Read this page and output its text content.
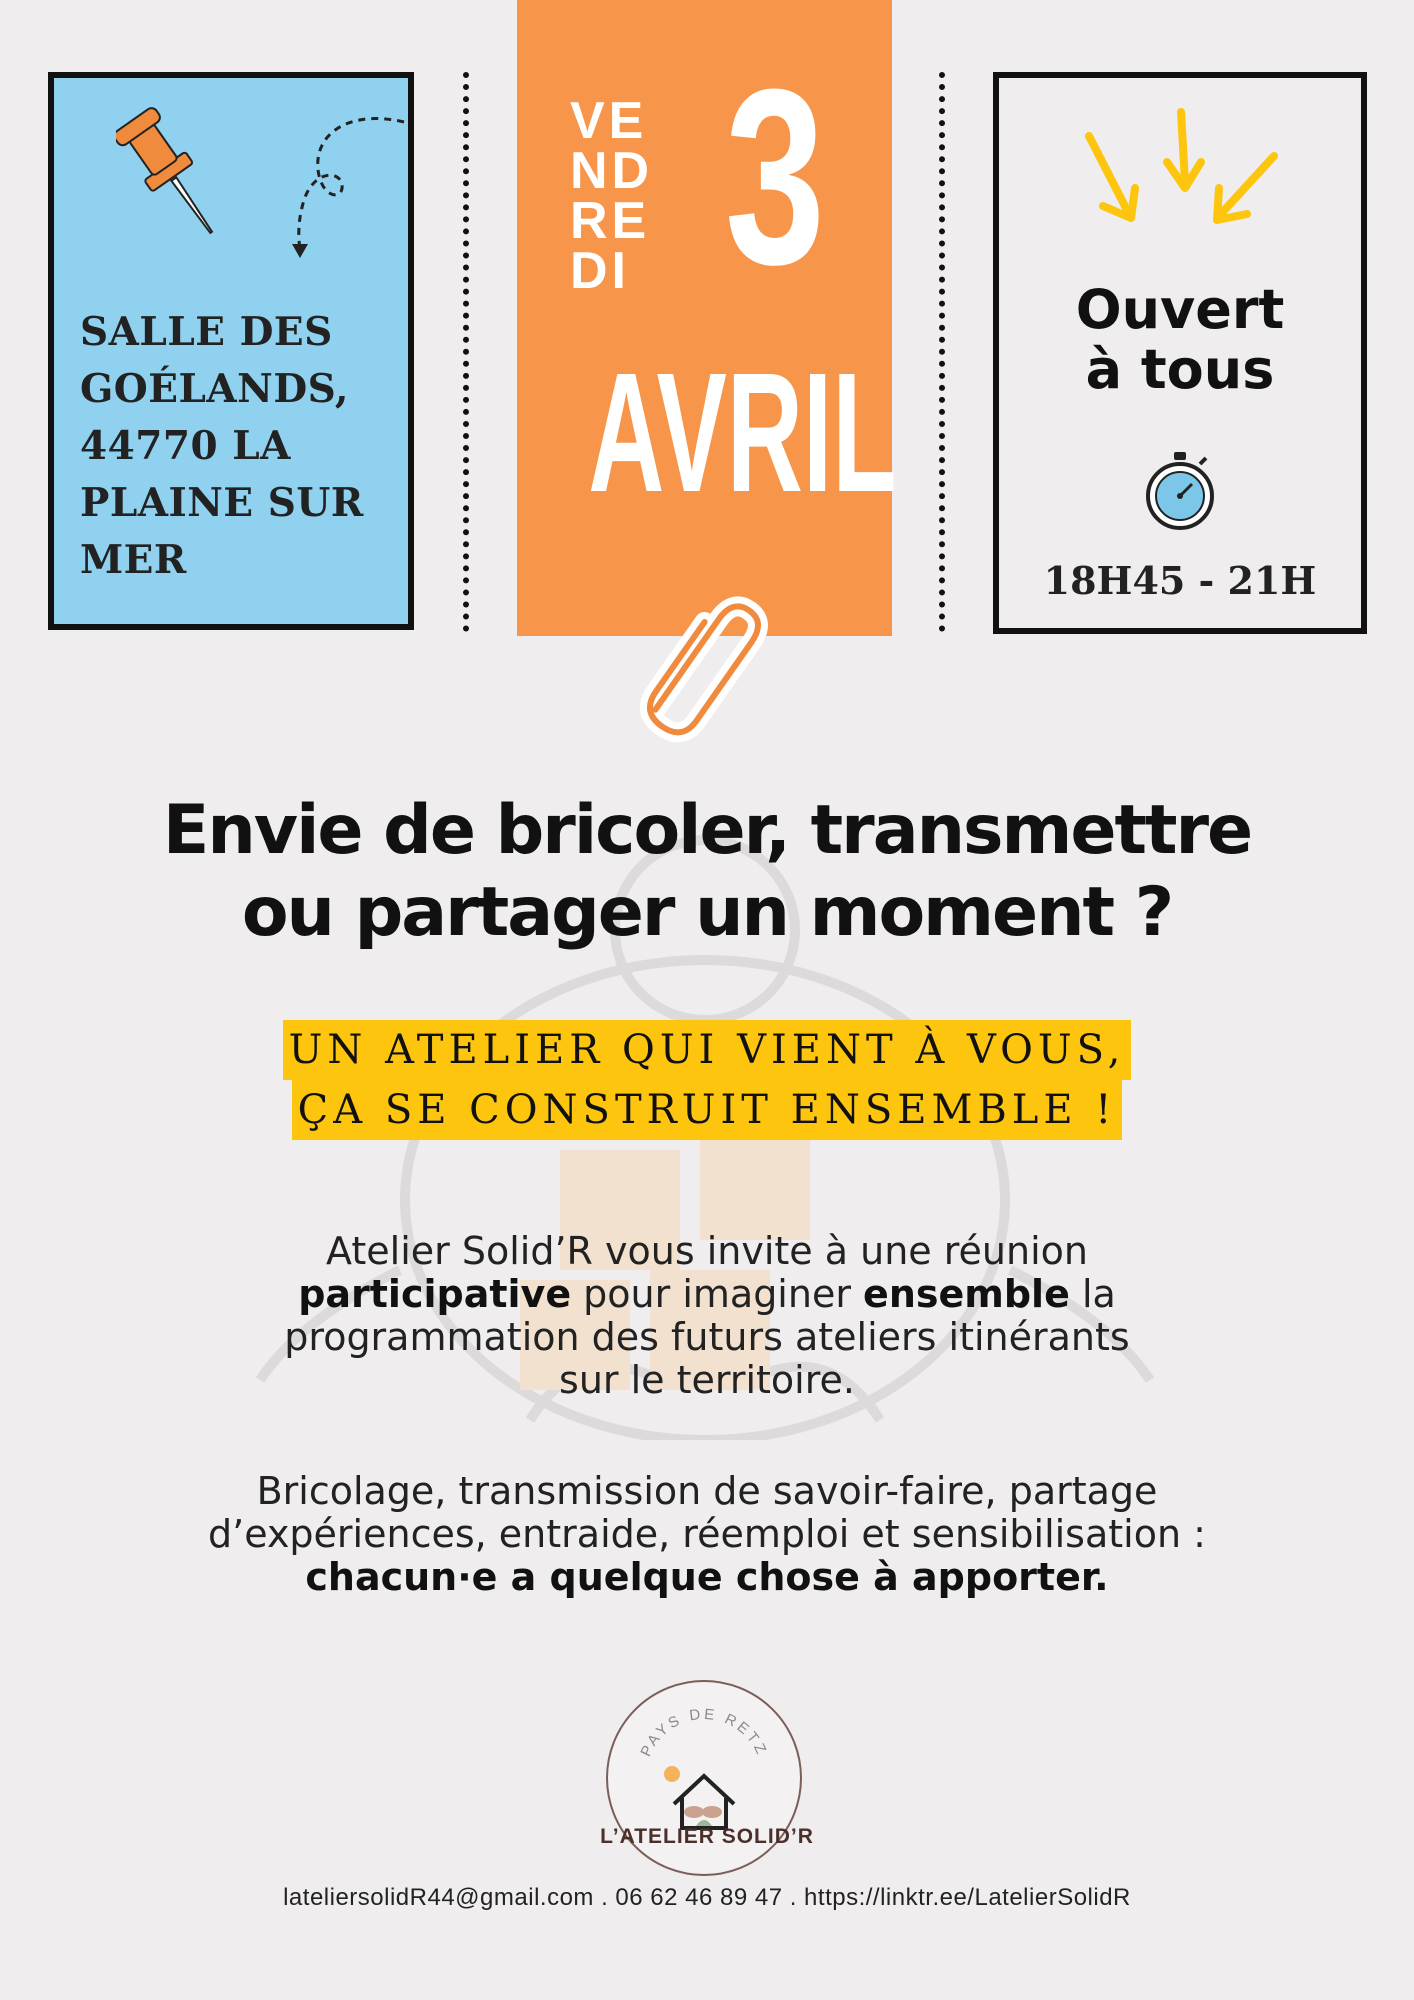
SALLE DES
GOÉLANDS,
44770 LA
PLAINE SUR
MER
VE
ND
RE
DI 3
AVRIL
Ouvert
à tous
18H45 - 21H
Envie de bricoler, transmettre
ou partager un moment ?
UN ATELIER QUI VIENT À VOUS,
ÇA SE CONSTRUIT ENSEMBLE !
Atelier Solid’R vous invite à une réunion
participative pour imaginer ensemble la
programmation des futurs ateliers itinérants
sur le territoire.
Bricolage, transmission de savoir-faire, partage
d’expériences, entraide, réemploi et sensibilisation :
chacun·e a quelque chose à apporter.
PAYS DE RETZ
L’ATELIER SOLID’R
lateliersolidR44@gmail.com . 06 62 46 89 47 . https://linktr.ee/LatelierSolidR
